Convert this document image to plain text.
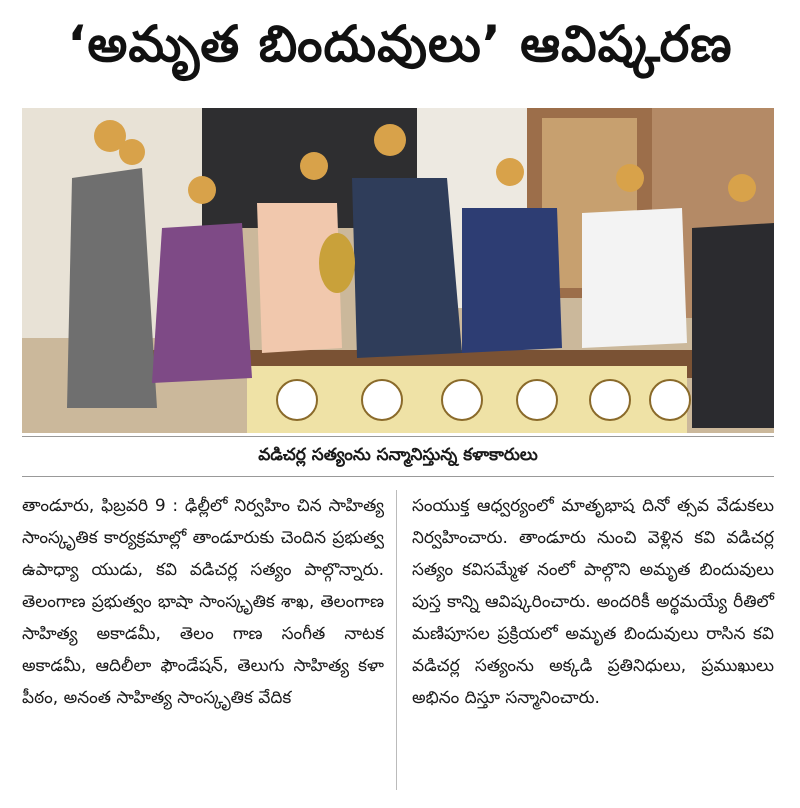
‘అమృత బిందువులు’ ఆవిష్కరణ
వడిచర్ల సత్యంను సన్మానిస్తున్న కళాకారులు

తాండూరు, ఫిబ్రవరి 9 : ఢిల్లీలో నిర్వహిం చిన సాహిత్య సాంస్కృతిక కార్యక్రమాల్లో తాండూరుకు చెందిన ప్రభుత్వ ఉపాధ్యా యుడు, కవి వడిచర్ల సత్యం పాల్గొన్నారు. తెలంగాణ ప్రభుత్వం భాషా సాంస్కృతిక శాఖ, తెలంగాణ సాహిత్య అకాడమీ, తెలం గాణ సంగీత నాటక అకాడమీ, ఆదిలీలా ఫౌండేషన్, తెలుగు సాహిత్య కళా పీఠం, అనంత సాహిత్య సాంస్కృతిక వేదిక

సంయుక్త ఆధ్వర్యంలో మాతృభాష దినో త్సవ వేడుకలు నిర్వహించారు. తాండూరు నుంచి వెళ్లిన కవి వడిచర్ల సత్యం కవిసమ్మేళ నంలో పాల్గొని అమృత బిందువులు పుస్త కాన్ని ఆవిష్కరించారు. అందరికీ అర్థమయ్యే రీతిలో మణిపూసల ప్రక్రియలో అమృత బిందువులు రాసిన కవి వడిచర్ల సత్యంను అక్కడి ప్రతినిధులు, ప్రముఖులు అభినం దిస్తూ సన్మానించారు.
